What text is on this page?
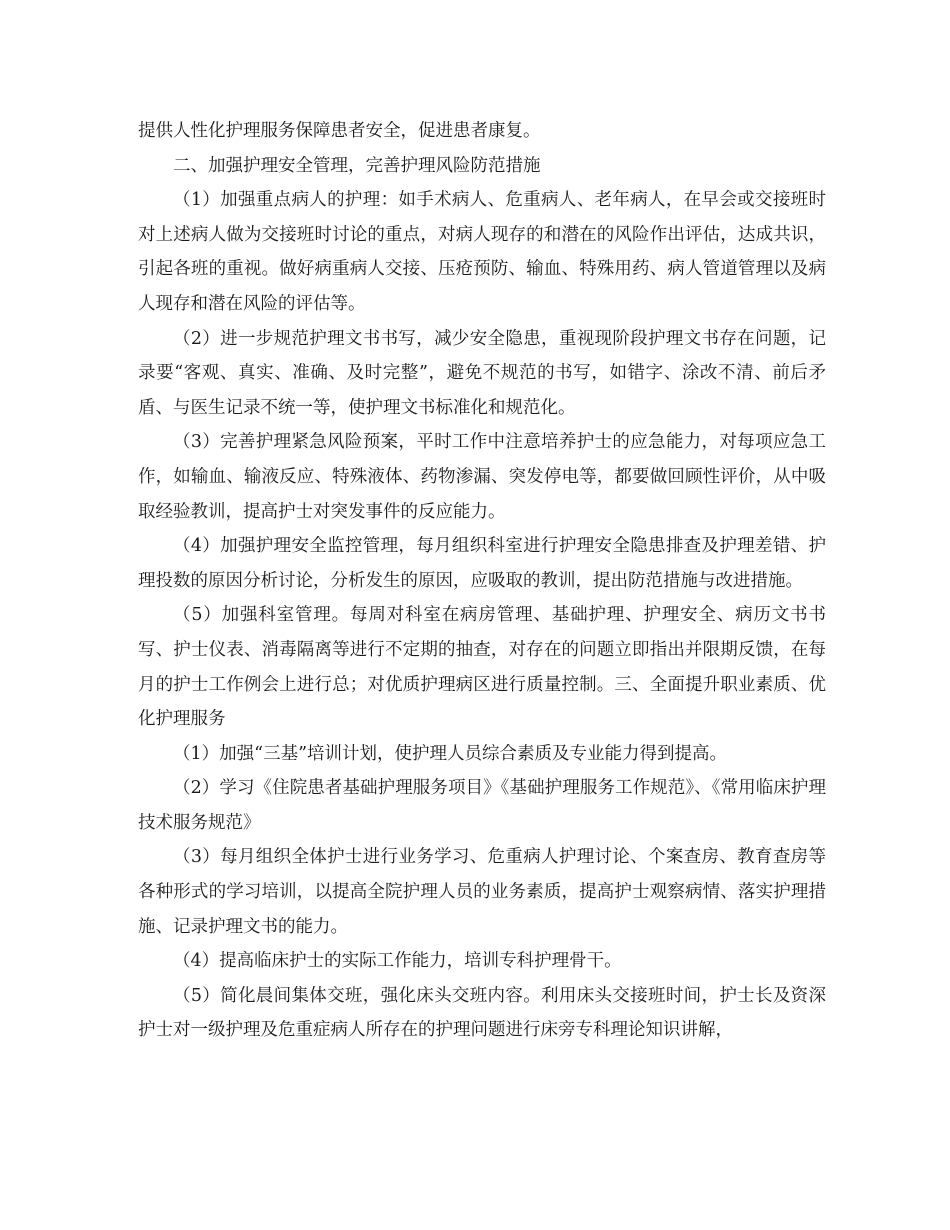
提供人性化护理服务保障患者安全，促进患者康复。

二、加强护理安全管理，完善护理风险防范措施

（1）加强重点病人的护理：如手术病人、危重病人、老年病人，在早会或交接班时对上述病人做为交接班时讨论的重点，对病人现存的和潜在的风险作出评估，达成共识，引起各班的重视。做好病重病人交接、压疮预防、输血、特殊用药、病人管道管理以及病人现存和潜在风险的评估等。

（2）进一步规范护理文书书写，减少安全隐患，重视现阶段护理文书存在问题，记录要“客观、真实、准确、及时完整”，避免不规范的书写，如错字、涂改不清、前后矛盾、与医生记录不统一等，使护理文书标准化和规范化。

（3）完善护理紧急风险预案，平时工作中注意培养护士的应急能力，对每项应急工作，如输血、输液反应、特殊液体、药物渗漏、突发停电等，都要做回顾性评价，从中吸取经验教训，提高护士对突发事件的反应能力。

（4）加强护理安全监控管理，每月组织科室进行护理安全隐患排查及护理差错、护理投数的原因分析讨论，分析发生的原因，应吸取的教训，提出防范措施与改进措施。

（5）加强科室管理。每周对科室在病房管理、基础护理、护理安全、病历文书书写、护士仪表、消毒隔离等进行不定期的抽查，对存在的问题立即指出并限期反馈，在每月的护士工作例会上进行总；对优质护理病区进行质量控制。三、全面提升职业素质、优化护理服务

（1）加强“三基”培训计划，使护理人员综合素质及专业能力得到提高。

（2）学习《住院患者基础护理服务项目》《基础护理服务工作规范》、《常用临床护理技术服务规范》

（3）每月组织全体护士进行业务学习、危重病人护理讨论、个案查房、教育查房等各种形式的学习培训，以提高全院护理人员的业务素质，提高护士观察病情、落实护理措施、记录护理文书的能力。

（4）提高临床护士的实际工作能力，培训专科护理骨干。

（5）简化晨间集体交班，强化床头交班内容。利用床头交接班时间，护士长及资深护士对一级护理及危重症病人所存在的护理问题进行床旁专科理论知识讲解，
